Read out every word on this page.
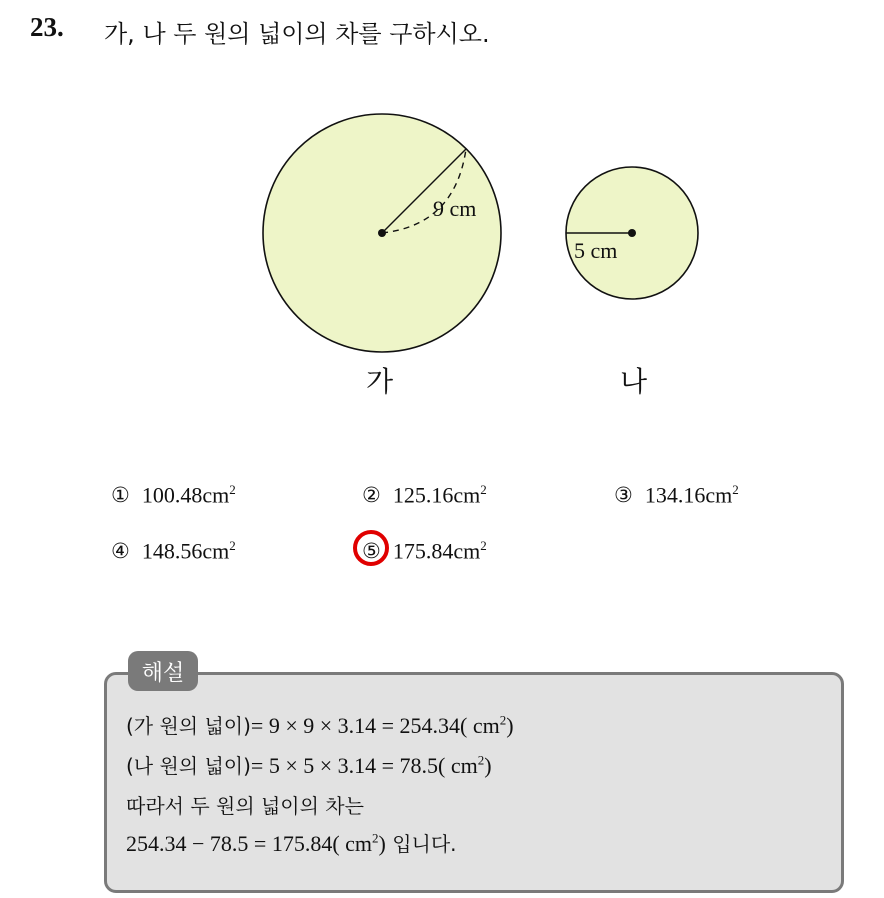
23. 가, 나 두 원의 넓이의 차를 구하시오.
9 cm
5 cm
가	나
① $100.48cm^2$	② $125.16cm^2$	③ $134.16cm^2$
④ $148.56cm^2$	⑤ $175.84cm^2$
해설
(가 원의 넓이)= 9 × 9 × 3.14 = 254.34( $cm^2$)
(나 원의 넓이)= 5 × 5 × 3.14 = 78.5( $cm^2$)
따라서 두 원의 넓이의 차는
254.34 − 78.5 = 175.84( $cm^2$) 입니다.
